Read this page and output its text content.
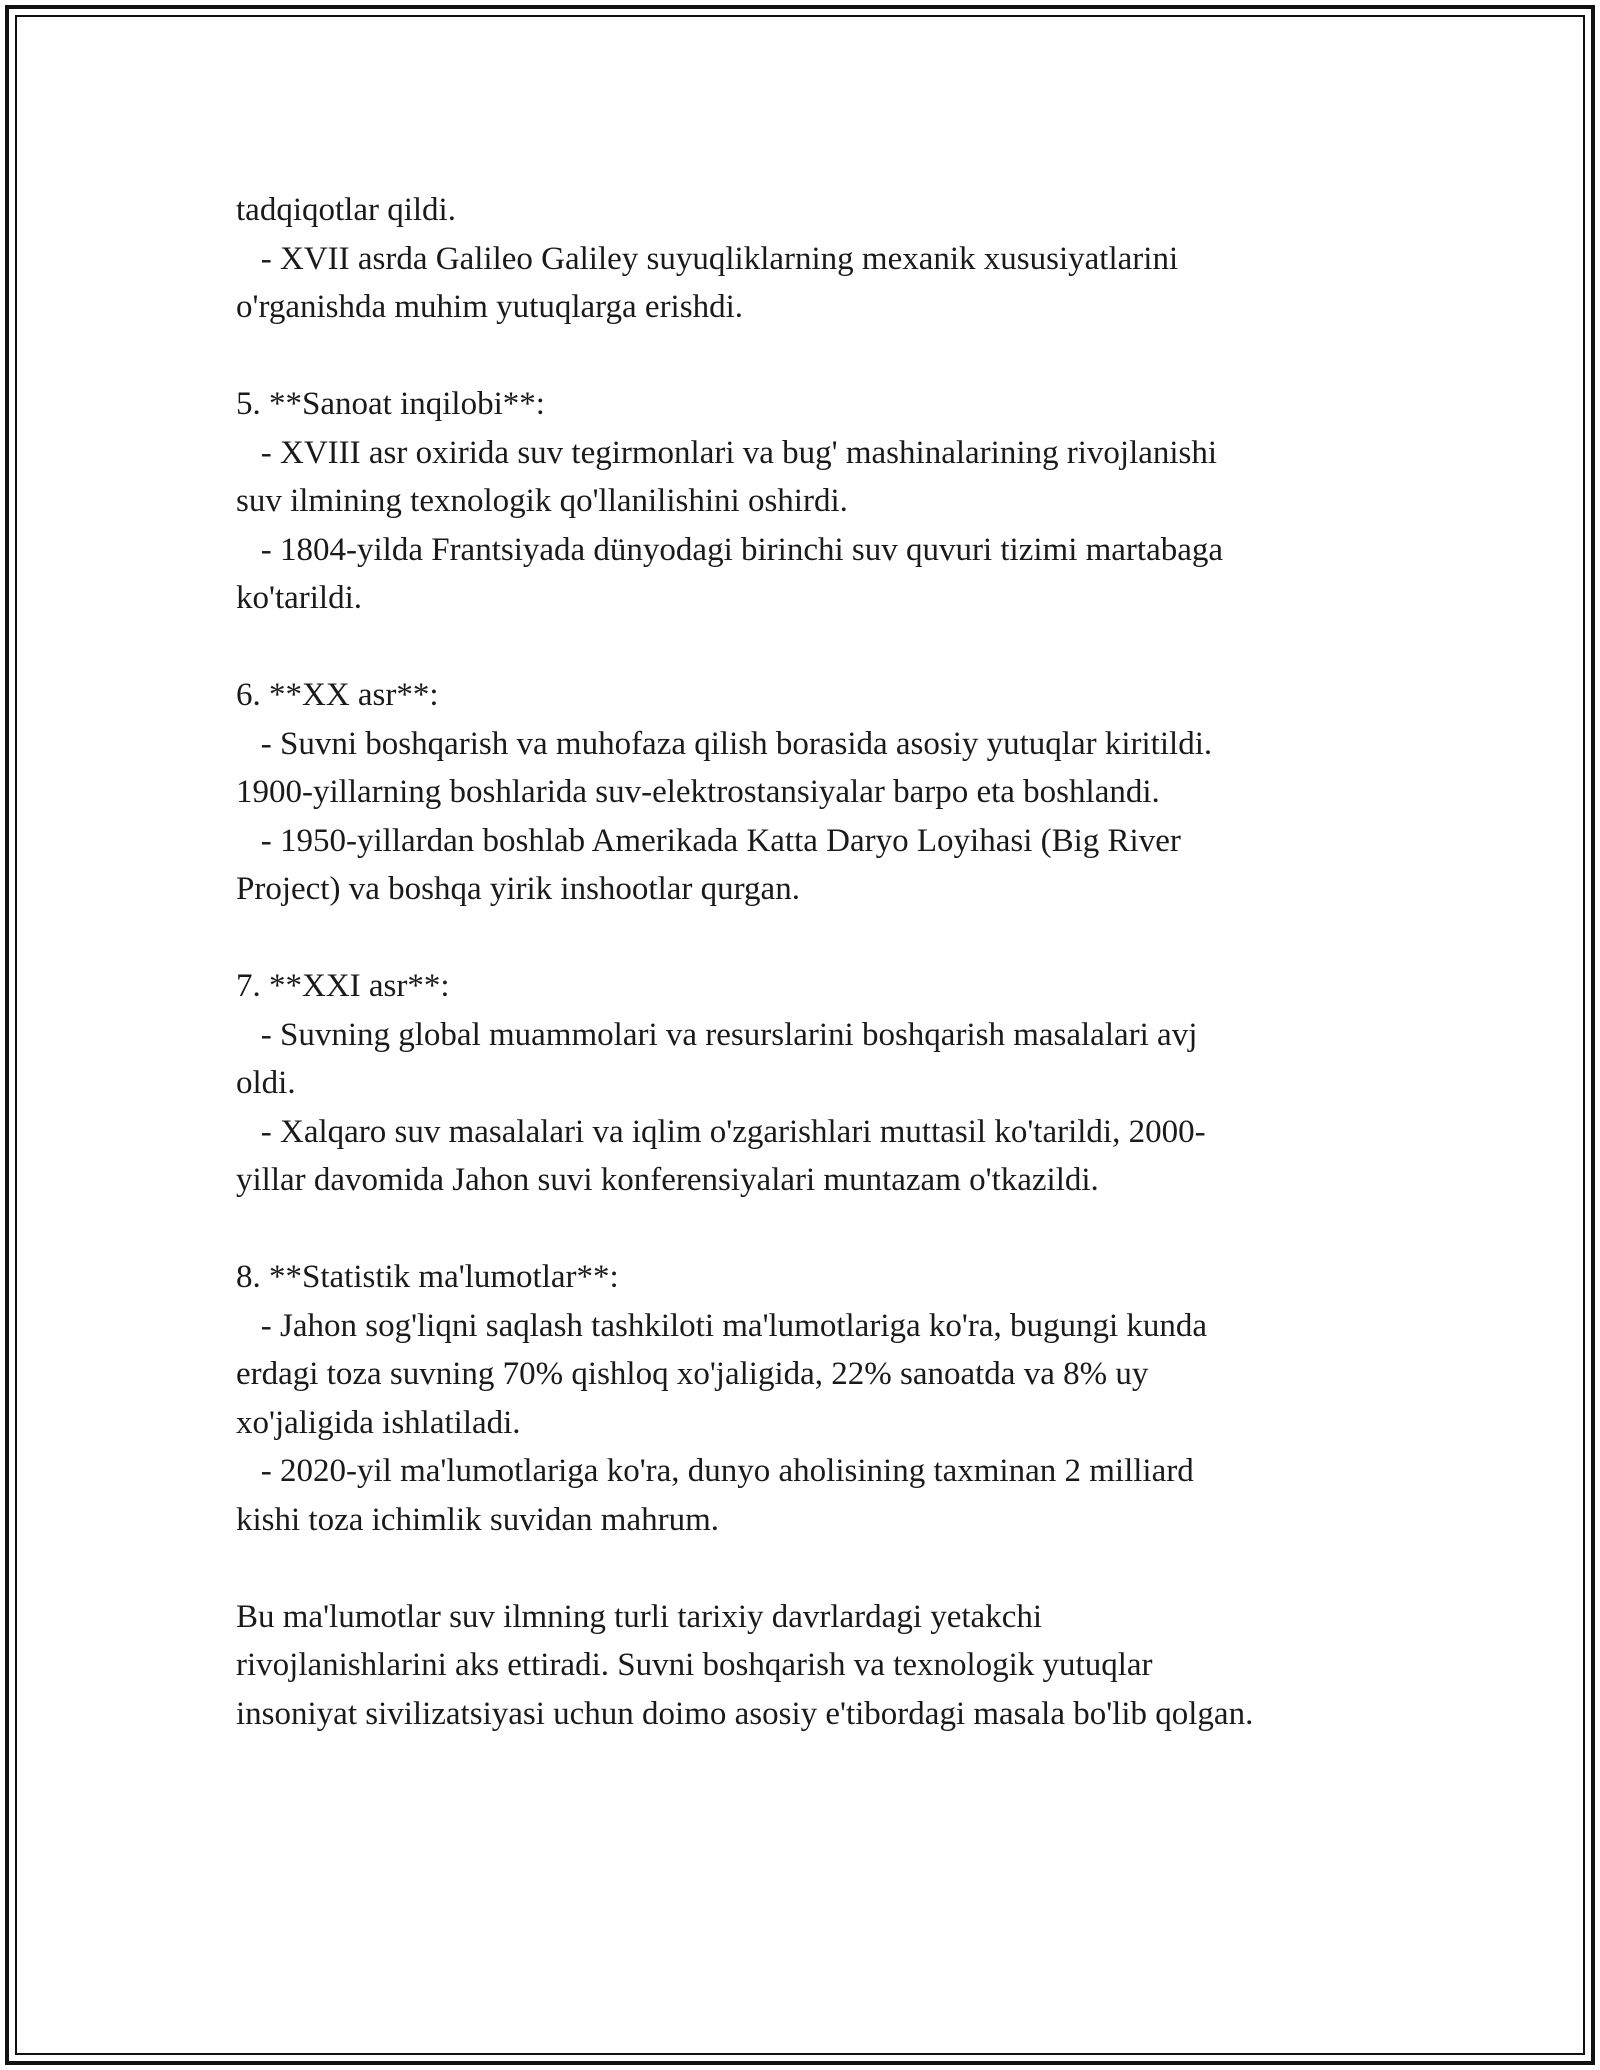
tadqiqotlar qildi.
- XVII asrda Galileo Galiley suyuqliklarning mexanik xususiyatlarini
o'rganishda muhim yutuqlarga erishdi.
5. **Sanoat inqilobi**:
- XVIII asr oxirida suv tegirmonlari va bug' mashinalarining rivojlanishi
suv ilmining texnologik qo'llanilishini oshirdi.
- 1804-yilda Frantsiyada dünyodagi birinchi suv quvuri tizimi martabaga
ko'tarildi.
6. **XX asr**:
- Suvni boshqarish va muhofaza qilish borasida asosiy yutuqlar kiritildi.
1900-yillarning boshlarida suv-elektrostansiyalar barpo eta boshlandi.
- 1950-yillardan boshlab Amerikada Katta Daryo Loyihasi (Big River
Project) va boshqa yirik inshootlar qurgan.
7. **XXI asr**:
- Suvning global muammolari va resurslarini boshqarish masalalari avj
oldi.
- Xalqaro suv masalalari va iqlim o'zgarishlari muttasil ko'tarildi, 2000-
yillar davomida Jahon suvi konferensiyalari muntazam o'tkazildi.
8. **Statistik ma'lumotlar**:
- Jahon sog'liqni saqlash tashkiloti ma'lumotlariga ko'ra, bugungi kunda
erdagi toza suvning 70% qishloq xo'jaligida, 22% sanoatda va 8% uy
xo'jaligida ishlatiladi.
- 2020-yil ma'lumotlariga ko'ra, dunyo aholisining taxminan 2 milliard
kishi toza ichimlik suvidan mahrum.
Bu ma'lumotlar suv ilmning turli tarixiy davrlardagi yetakchi
rivojlanishlarini aks ettiradi. Suvni boshqarish va texnologik yutuqlar
insoniyat sivilizatsiyasi uchun doimo asosiy e'tibordagi masala bo'lib qolgan.
